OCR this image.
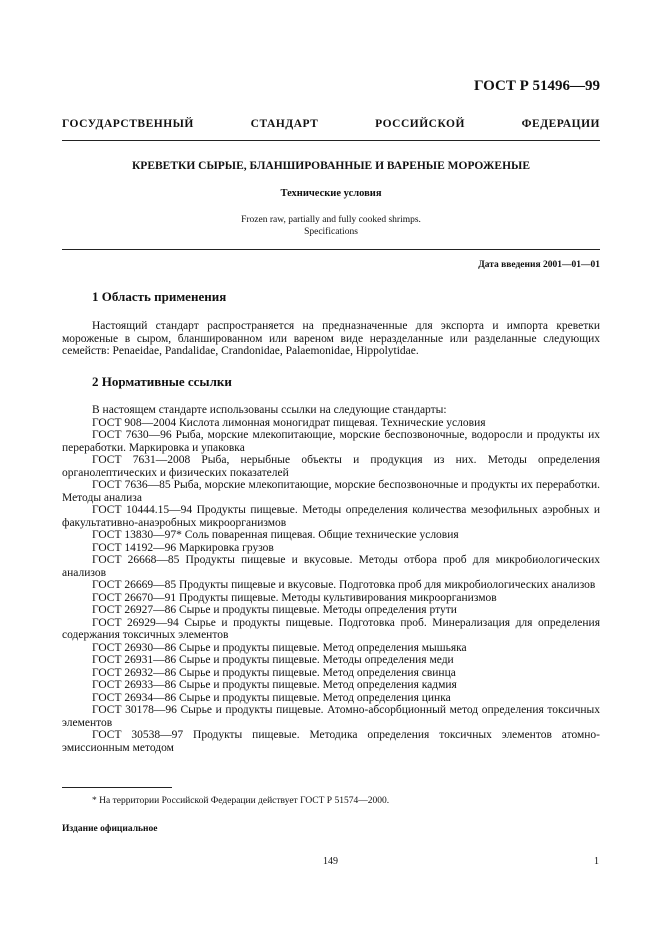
ГОСТ Р 51496—99
ГОСУДАРСТВЕННЫЙ СТАНДАРТ РОССИЙСКОЙ ФЕДЕРАЦИИ
КРЕВЕТКИ СЫРЫЕ, БЛАНШИРОВАННЫЕ И ВАРЕНЫЕ МОРОЖЕНЫЕ
Технические условия
Frozen raw, partially and fully cooked shrimps.
Specifications
Дата введения 2001—01—01
1 Область применения
Настоящий стандарт распространяется на предназначенные для экспорта и импорта креветки мороженые в сыром, бланшированном или вареном виде неразделанные или разделанные следующих семейств: Penaeidae, Pandalidae, Crandonidae, Palaemonidae, Hippolytidae.
2 Нормативные ссылки

В настоящем стандарте использованы ссылки на следующие стандарты:

ГОСТ 908—2004 Кислота лимонная моногидрат пищевая. Технические условия

ГОСТ 7630—96 Рыба, морские млекопитающие, морские беспозвоночные, водоросли и продукты их переработки. Маркировка и упаковка

ГОСТ 7631—2008 Рыба, нерыбные объекты и продукция из них. Методы определения органолептических и физических показателей

ГОСТ 7636—85 Рыба, морские млекопитающие, морские беспозвоночные и продукты их переработки. Методы анализа

ГОСТ 10444.15—94 Продукты пищевые. Методы определения количества мезофильных аэробных и факультативно-анаэробных микроорганизмов

ГОСТ 13830—97* Соль поваренная пищевая. Общие технические условия

ГОСТ 14192—96 Маркировка грузов

ГОСТ 26668—85 Продукты пищевые и вкусовые. Методы отбора проб для микробиологических анализов

ГОСТ 26669—85 Продукты пищевые и вкусовые. Подготовка проб для микробиологических анализов

ГОСТ 26670—91 Продукты пищевые. Методы культивирования микроорганизмов

ГОСТ 26927—86 Сырье и продукты пищевые. Методы определения ртути

ГОСТ 26929—94 Сырье и продукты пищевые. Подготовка проб. Минерализация для определения содержания токсичных элементов

ГОСТ 26930—86 Сырье и продукты пищевые. Метод определения мышьяка

ГОСТ 26931—86 Сырье и продукты пищевые. Методы определения меди

ГОСТ 26932—86 Сырье и продукты пищевые. Метод определения свинца

ГОСТ 26933—86 Сырье и продукты пищевые. Метод определения кадмия

ГОСТ 26934—86 Сырье и продукты пищевые. Метод определения цинка

ГОСТ 30178—96 Сырье и продукты пищевые. Атомно-абсорбционный метод определения токсичных элементов

ГОСТ 30538—97 Продукты пищевые. Методика определения токсичных элементов атомно-эмиссионным методом

* На территории Российской Федерации действует ГОСТ Р 51574—2000.
Издание официальное
149	1
